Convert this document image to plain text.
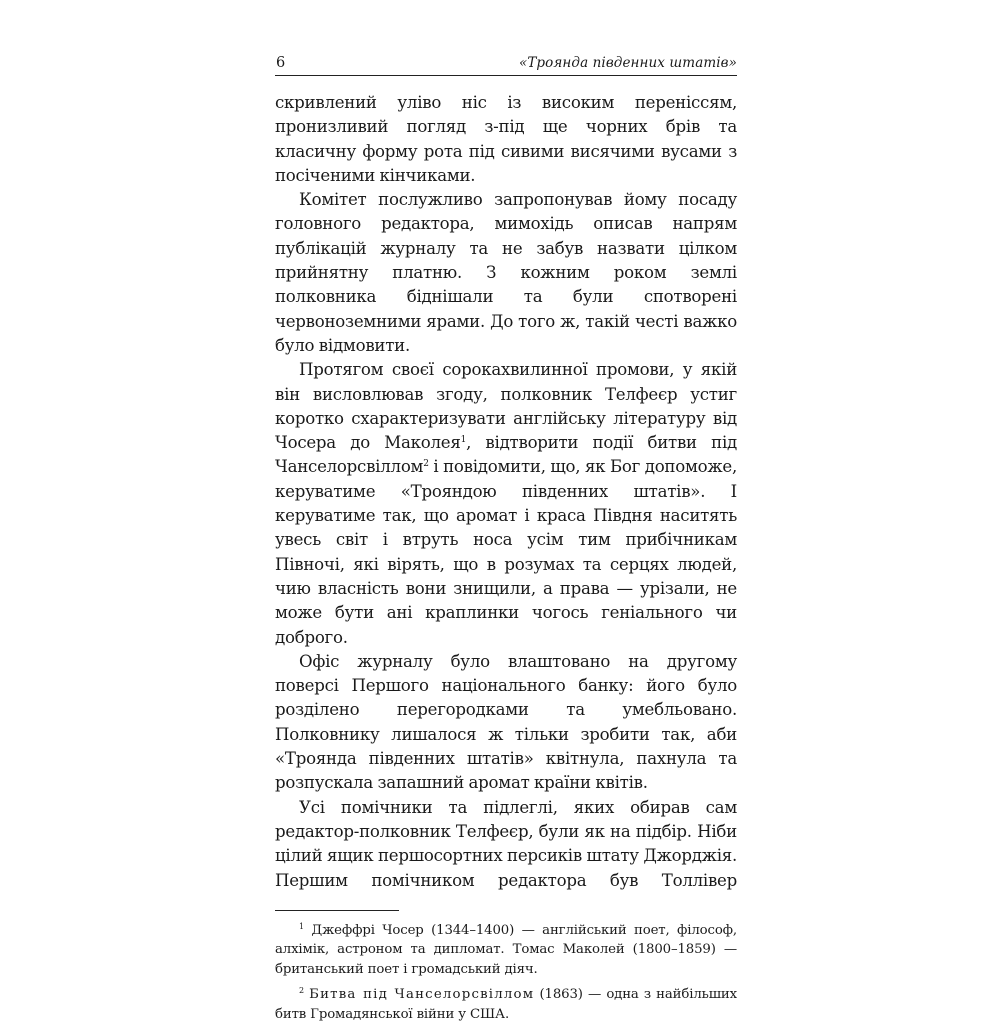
6	«Троянда південних штатів»

скривлений уліво ніс із високим переніссям, пронизливий погляд з-під ще чорних брів та класичну форму рота під сивими висячими вусами з посіченими кінчиками.

Комітет послужливо запропонував йому посаду головного редактора, мимохідь описав напрям публікацій журналу та не забув назвати цілком прийнятну платню. З кожним роком землі полковника біднішали та були спотворені червоноземними ярами. До того ж, такій честі важко було відмовити.

Протягом своєї сорокахвилинної промови, у якій він висловлював згоду, полковник Телфеєр устиг коротко схарактеризувати англійську літературу від Чосера до Маколея$^1$, відтворити події битви під Чанселорсвіллом$^2$ і повідомити, що, як Бог допоможе, керуватиме «Трояндою південних штатів». І керуватиме так, що аромат і краса Півдня наситять увесь світ і втруть носа усім тим прибічникам Півночі, які вірять, що в розумах та серцях людей, чию власність вони знищили, а права — урізали, не може бути ані краплинки чогось геніального чи доброго.

Офіс журналу було влаштовано на другому поверсі Першого національного банку: його було розділено перегородками та умебльовано. Полковнику лишалося ж тільки зробити так, аби «Троянда південних штатів» квітнула, пахнула та розпускала запашний аромат країни квітів.

Усі помічники та підлеглі, яких обирав сам редактор-полковник Телфеєр, були як на підбір. Ніби цілий ящик першосортних персиків штату Джорджія. Першим помічником редактора був Толлівер

$^1$ Джеффрі Чосер (1344–1400) — англійський поет, філософ, алхімік, астроном та дипломат. Томас Маколей (1800–1859) — британський поет і громадський діяч.

$^2$ Битва під Чанселорсвіллом (1863) — одна з найбільших битв Громадянської війни у США.
